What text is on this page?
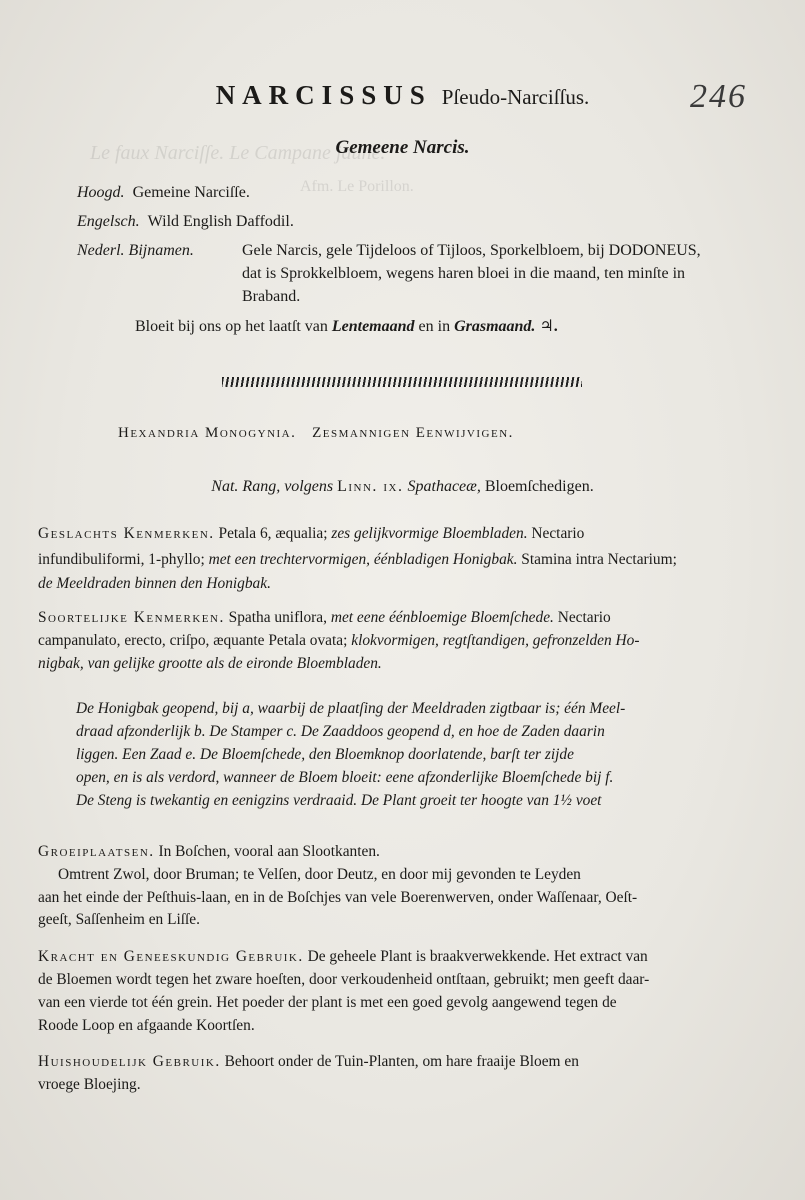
Le faux Narciſſe. Le Campane jaune.
Afm. Le Porillon.
NARCISSUS Pſeudo-Narciſſus.	246
Gemeene Narcis.
Hoogd. Gemeine Narciſſe.
Engelsch. Wild English Daffodil.
Nederl. Bijnamen.	Gele Narcis, gele Tijdeloos of Tijloos, Sporkelbloem, bij DODONEUS,
dat is Sprokkelbloem, wegens haren bloei in die maand, ten minſte in
Braband.
Bloeit bij ons op het laatſt van Lentemaand en in Grasmaand. ♃.
Hexandria Monogynia. Zesmannigen Eenwijvigen.
Nat. Rang, volgens Linn. ix. Spathaceæ, Bloemſchedigen.
Geslachts Kenmerken. Petala 6, æqualia; zes gelijkvormige Bloembladen. Nectario
infundibuliformi, 1-phyllo; met een trechtervormigen, éénbladigen Honigbak. Stamina intra Nectarium;
de Meeldraden binnen den Honigbak.
Soortelijke Kenmerken. Spatha uniflora, met eene éénbloemige Bloemſchede. Nectario
campanulato, erecto, criſpo, æquante Petala ovata; klokvormigen, regtſtandigen, gefronzelden Ho-
nigbak, van gelijke grootte als de eironde Bloembladen.
De Honigbak geopend, bij a, waarbij de plaatſing der Meeldraden zigtbaar is; één Meel-
draad afzonderlijk b. De Stamper c. De Zaaddoos geopend d, en hoe de Zaden daarin
liggen. Een Zaad e. De Bloemſchede, den Bloemknop doorlatende, barſt ter zijde
open, en is als verdord, wanneer de Bloem bloeit: eene afzonderlijke Bloemſchede bij f.
De Steng is twekantig en eenigzins verdraaid. De Plant groeit ter hoogte van 1½ voet
Groeiplaatsen. In Boſchen, vooral aan Slootkanten.
Omtrent Zwol, door Bruman; te Velſen, door Deutz, en door mij gevonden te Leyden
aan het einde der Peſthuis-laan, en in de Boſchjes van vele Boerenwerven, onder Waſſenaar, Oeſt-
geeſt, Saſſenheim en Liſſe.
Kracht en Geneeskundig Gebruik. De geheele Plant is braakverwekkende. Het extract van
de Bloemen wordt tegen het zware hoeſten, door verkoudenheid ontſtaan, gebruikt; men geeft daar-
van een vierde tot één grein. Het poeder der plant is met een goed gevolg aangewend tegen de
Roode Loop en afgaande Koortſen.
Huishoudelijk Gebruik. Behoort onder de Tuin-Planten, om hare fraaije Bloem en
vroege Bloejing.
